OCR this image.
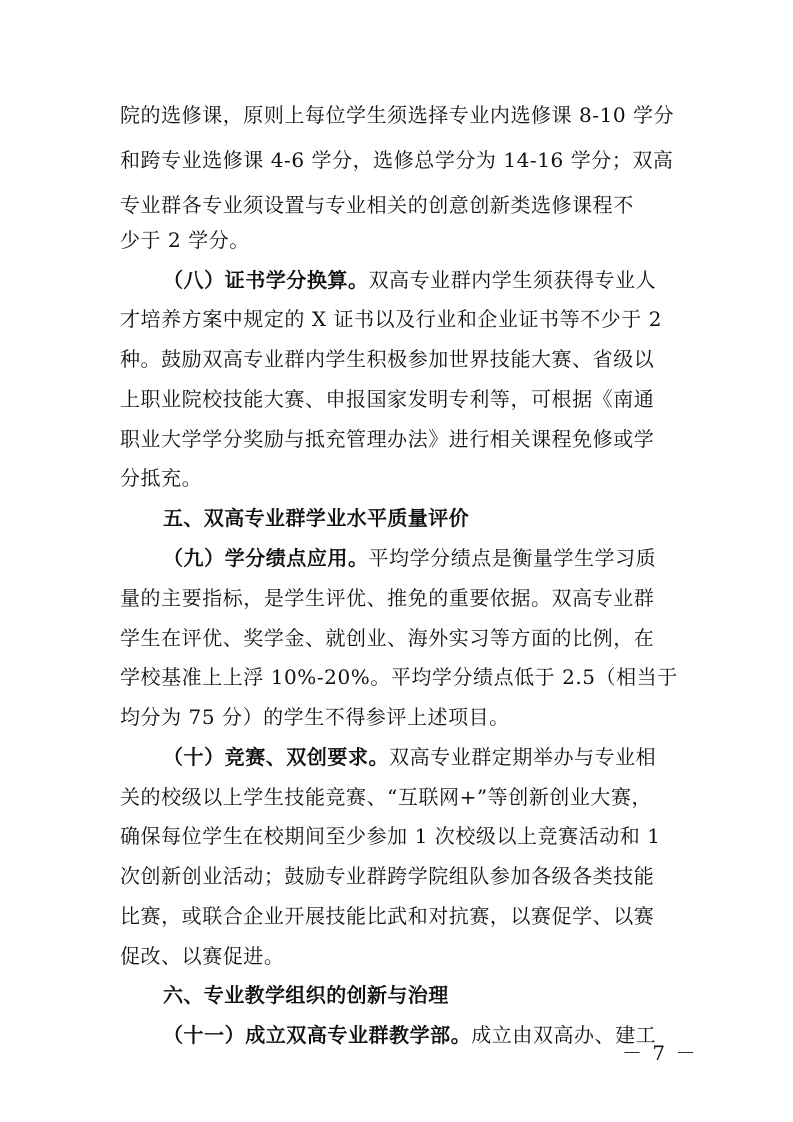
院的选修课，原则上每位学生须选择专业内选修课 8-10 学分
和跨专业选修课 4-6 学分，选修总学分为 14-16 学分；双高
专业群各专业须设置与专业相关的创意创新类选修课程不
少于 2 学分。
（八）证书学分换算。双高专业群内学生须获得专业人
才培养方案中规定的 X 证书以及行业和企业证书等不少于 2
种。鼓励双高专业群内学生积极参加世界技能大赛、省级以
上职业院校技能大赛、申报国家发明专利等，可根据《南通
职业大学学分奖励与抵充管理办法》进行相关课程免修或学
分抵充。
五、双高专业群学业水平质量评价
（九）学分绩点应用。平均学分绩点是衡量学生学习质
量的主要指标，是学生评优、推免的重要依据。双高专业群
学生在评优、奖学金、就创业、海外实习等方面的比例，在
学校基准上上浮 10%-20%。平均学分绩点低于 2.5（相当于
均分为 75 分）的学生不得参评上述项目。
（十）竞赛、双创要求。双高专业群定期举办与专业相
关的校级以上学生技能竞赛、“互联网+”等创新创业大赛，
确保每位学生在校期间至少参加 1 次校级以上竞赛活动和 1
次创新创业活动；鼓励专业群跨学院组队参加各级各类技能
比赛，或联合企业开展技能比武和对抗赛，以赛促学、以赛
促改、以赛促进。
六、专业教学组织的创新与治理
（十一）成立双高专业群教学部。成立由双高办、建工
－ 7 －
